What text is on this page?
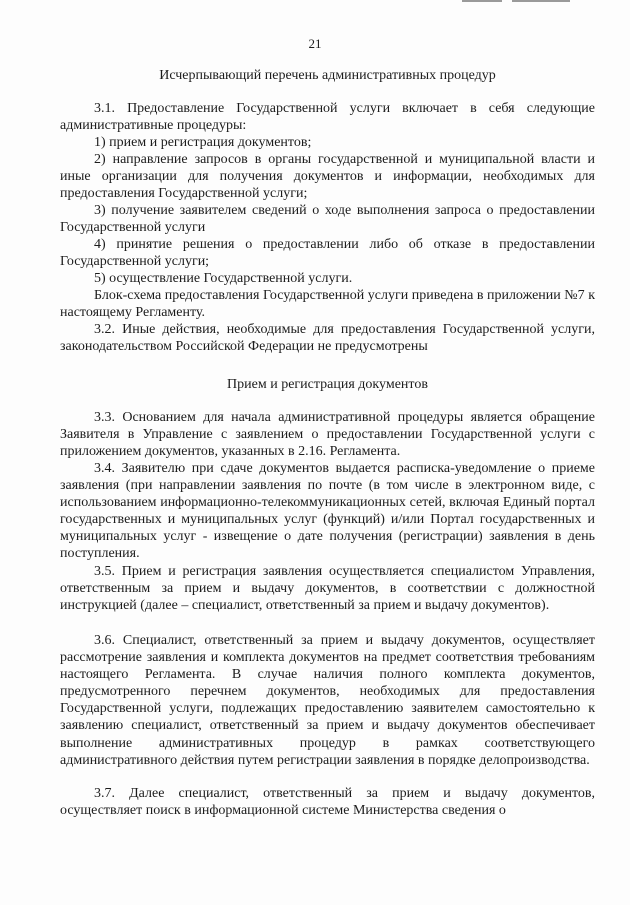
21
Исчерпывающий перечень административных процедур

3.1. Предоставление Государственной услуги включает в себя следующие административные процедуры:

1) прием и регистрация документов;

2) направление запросов в органы государственной и муниципальной власти и иные организации для получения документов и информации, необходимых для предоставления Государственной услуги;

3) получение заявителем сведений о ходе выполнения запроса о предоставлении Государственной услуги

4) принятие решения о предоставлении либо об отказе в предоставлении Государственной услуги;

5) осуществление Государственной услуги.

Блок-схема предоставления Государственной услуги приведена в приложении №7 к настоящему Регламенту.

3.2. Иные действия, необходимые для предоставления Государственной услуги, законодательством Российской Федерации не предусмотрены

Прием и регистрация документов

3.3. Основанием для начала административной процедуры является обращение Заявителя в Управление с заявлением о предоставлении Государственной услуги с приложением документов, указанных в 2.16. Регламента.

3.4. Заявителю при сдаче документов выдается расписка-уведомление о приеме заявления (при направлении заявления по почте (в том числе в электронном виде, с использованием информационно-телекоммуникационных сетей, включая Единый портал государственных и муниципальных услуг (функций) и/или Портал государственных и муниципальных услуг - извещение о дате получения (регистрации) заявления в день поступления.

3.5. Прием и регистрация заявления осуществляется специалистом Управления, ответственным за прием и выдачу документов, в соответствии с должностной инструкцией (далее – специалист, ответственный за прием и выдачу документов).

3.6. Специалист, ответственный за прием и выдачу документов, осуществляет рассмотрение заявления и комплекта документов на предмет соответствия требованиям настоящего Регламента. В случае наличия полного комплекта документов, предусмотренного перечнем документов, необходимых для предоставления Государственной услуги, подлежащих предоставлению заявителем самостоятельно к заявлению специалист, ответственный за прием и выдачу документов обеспечивает выполнение административных процедур в рамках соответствующего административного действия путем регистрации заявления в порядке делопроизводства.

3.7. Далее специалист, ответственный за прием и выдачу документов, осуществляет поиск в информационной системе Министерства сведения о
